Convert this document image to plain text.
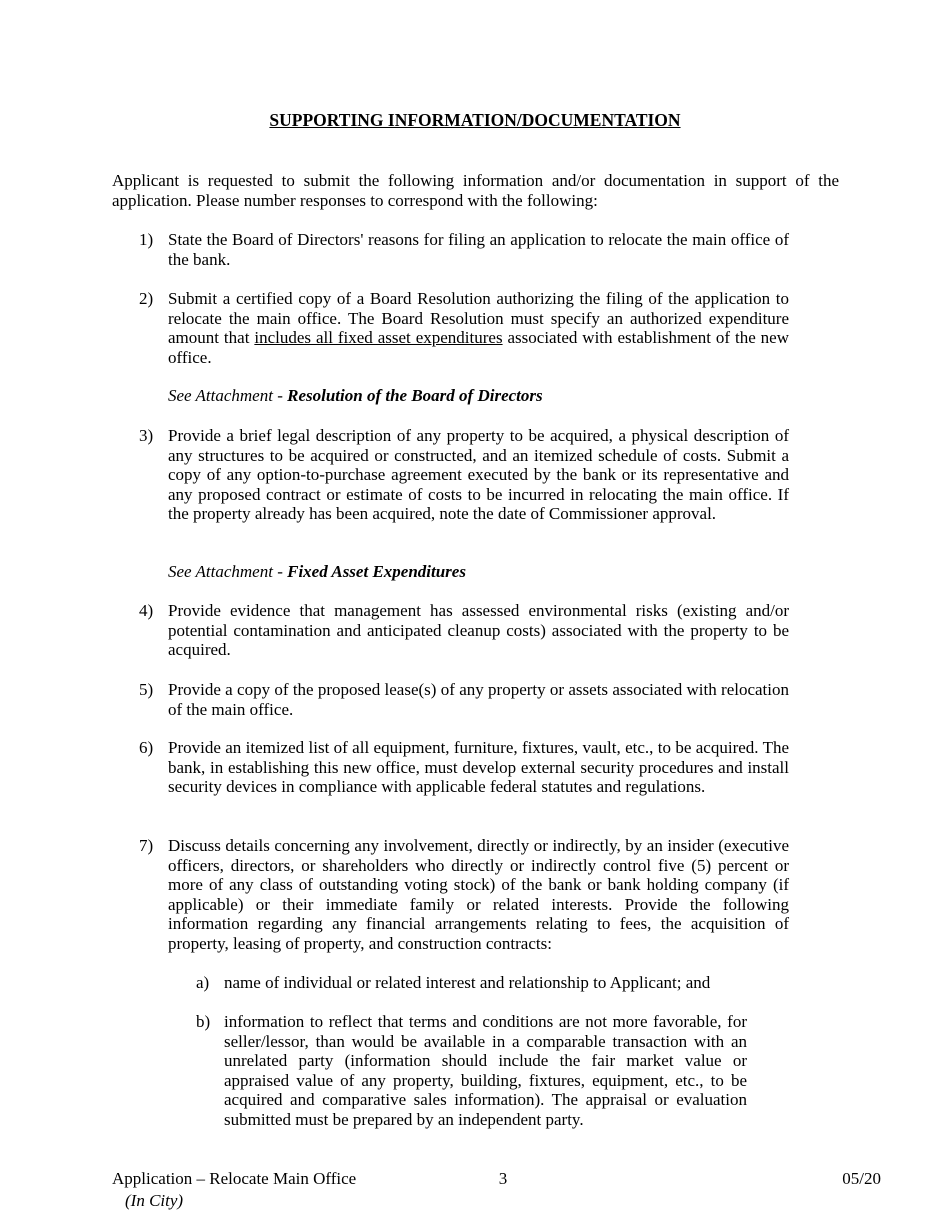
SUPPORTING INFORMATION/DOCUMENTATION
Applicant is requested to submit the following information and/or documentation in support of the application. Please number responses to correspond with the following:
1) State the Board of Directors' reasons for filing an application to relocate the main office of the bank.
2) Submit a certified copy of a Board Resolution authorizing the filing of the application to relocate the main office. The Board Resolution must specify an authorized expenditure amount that includes all fixed asset expenditures associated with establishment of the new office.
See Attachment - Resolution of the Board of Directors
3) Provide a brief legal description of any property to be acquired, a physical description of any structures to be acquired or constructed, and an itemized schedule of costs. Submit a copy of any option-to-purchase agreement executed by the bank or its representative and any proposed contract or estimate of costs to be incurred in relocating the main office. If the property already has been acquired, note the date of Commissioner approval.
See Attachment - Fixed Asset Expenditures
4) Provide evidence that management has assessed environmental risks (existing and/or potential contamination and anticipated cleanup costs) associated with the property to be acquired.
5) Provide a copy of the proposed lease(s) of any property or assets associated with relocation of the main office.
6) Provide an itemized list of all equipment, furniture, fixtures, vault, etc., to be acquired. The bank, in establishing this new office, must develop external security procedures and install security devices in compliance with applicable federal statutes and regulations.
7) Discuss details concerning any involvement, directly or indirectly, by an insider (executive officers, directors, or shareholders who directly or indirectly control five (5) percent or more of any class of outstanding voting stock) of the bank or bank holding company (if applicable) or their immediate family or related interests. Provide the following information regarding any financial arrangements relating to fees, the acquisition of property, leasing of property, and construction contracts:
a) name of individual or related interest and relationship to Applicant; and
b) information to reflect that terms and conditions are not more favorable, for seller/lessor, than would be available in a comparable transaction with an unrelated party (information should include the fair market value or appraised value of any property, building, fixtures, equipment, etc., to be acquired and comparative sales information). The appraisal or evaluation submitted must be prepared by an independent party.
Application – Relocate Main Office
(In City)
3	05/20
